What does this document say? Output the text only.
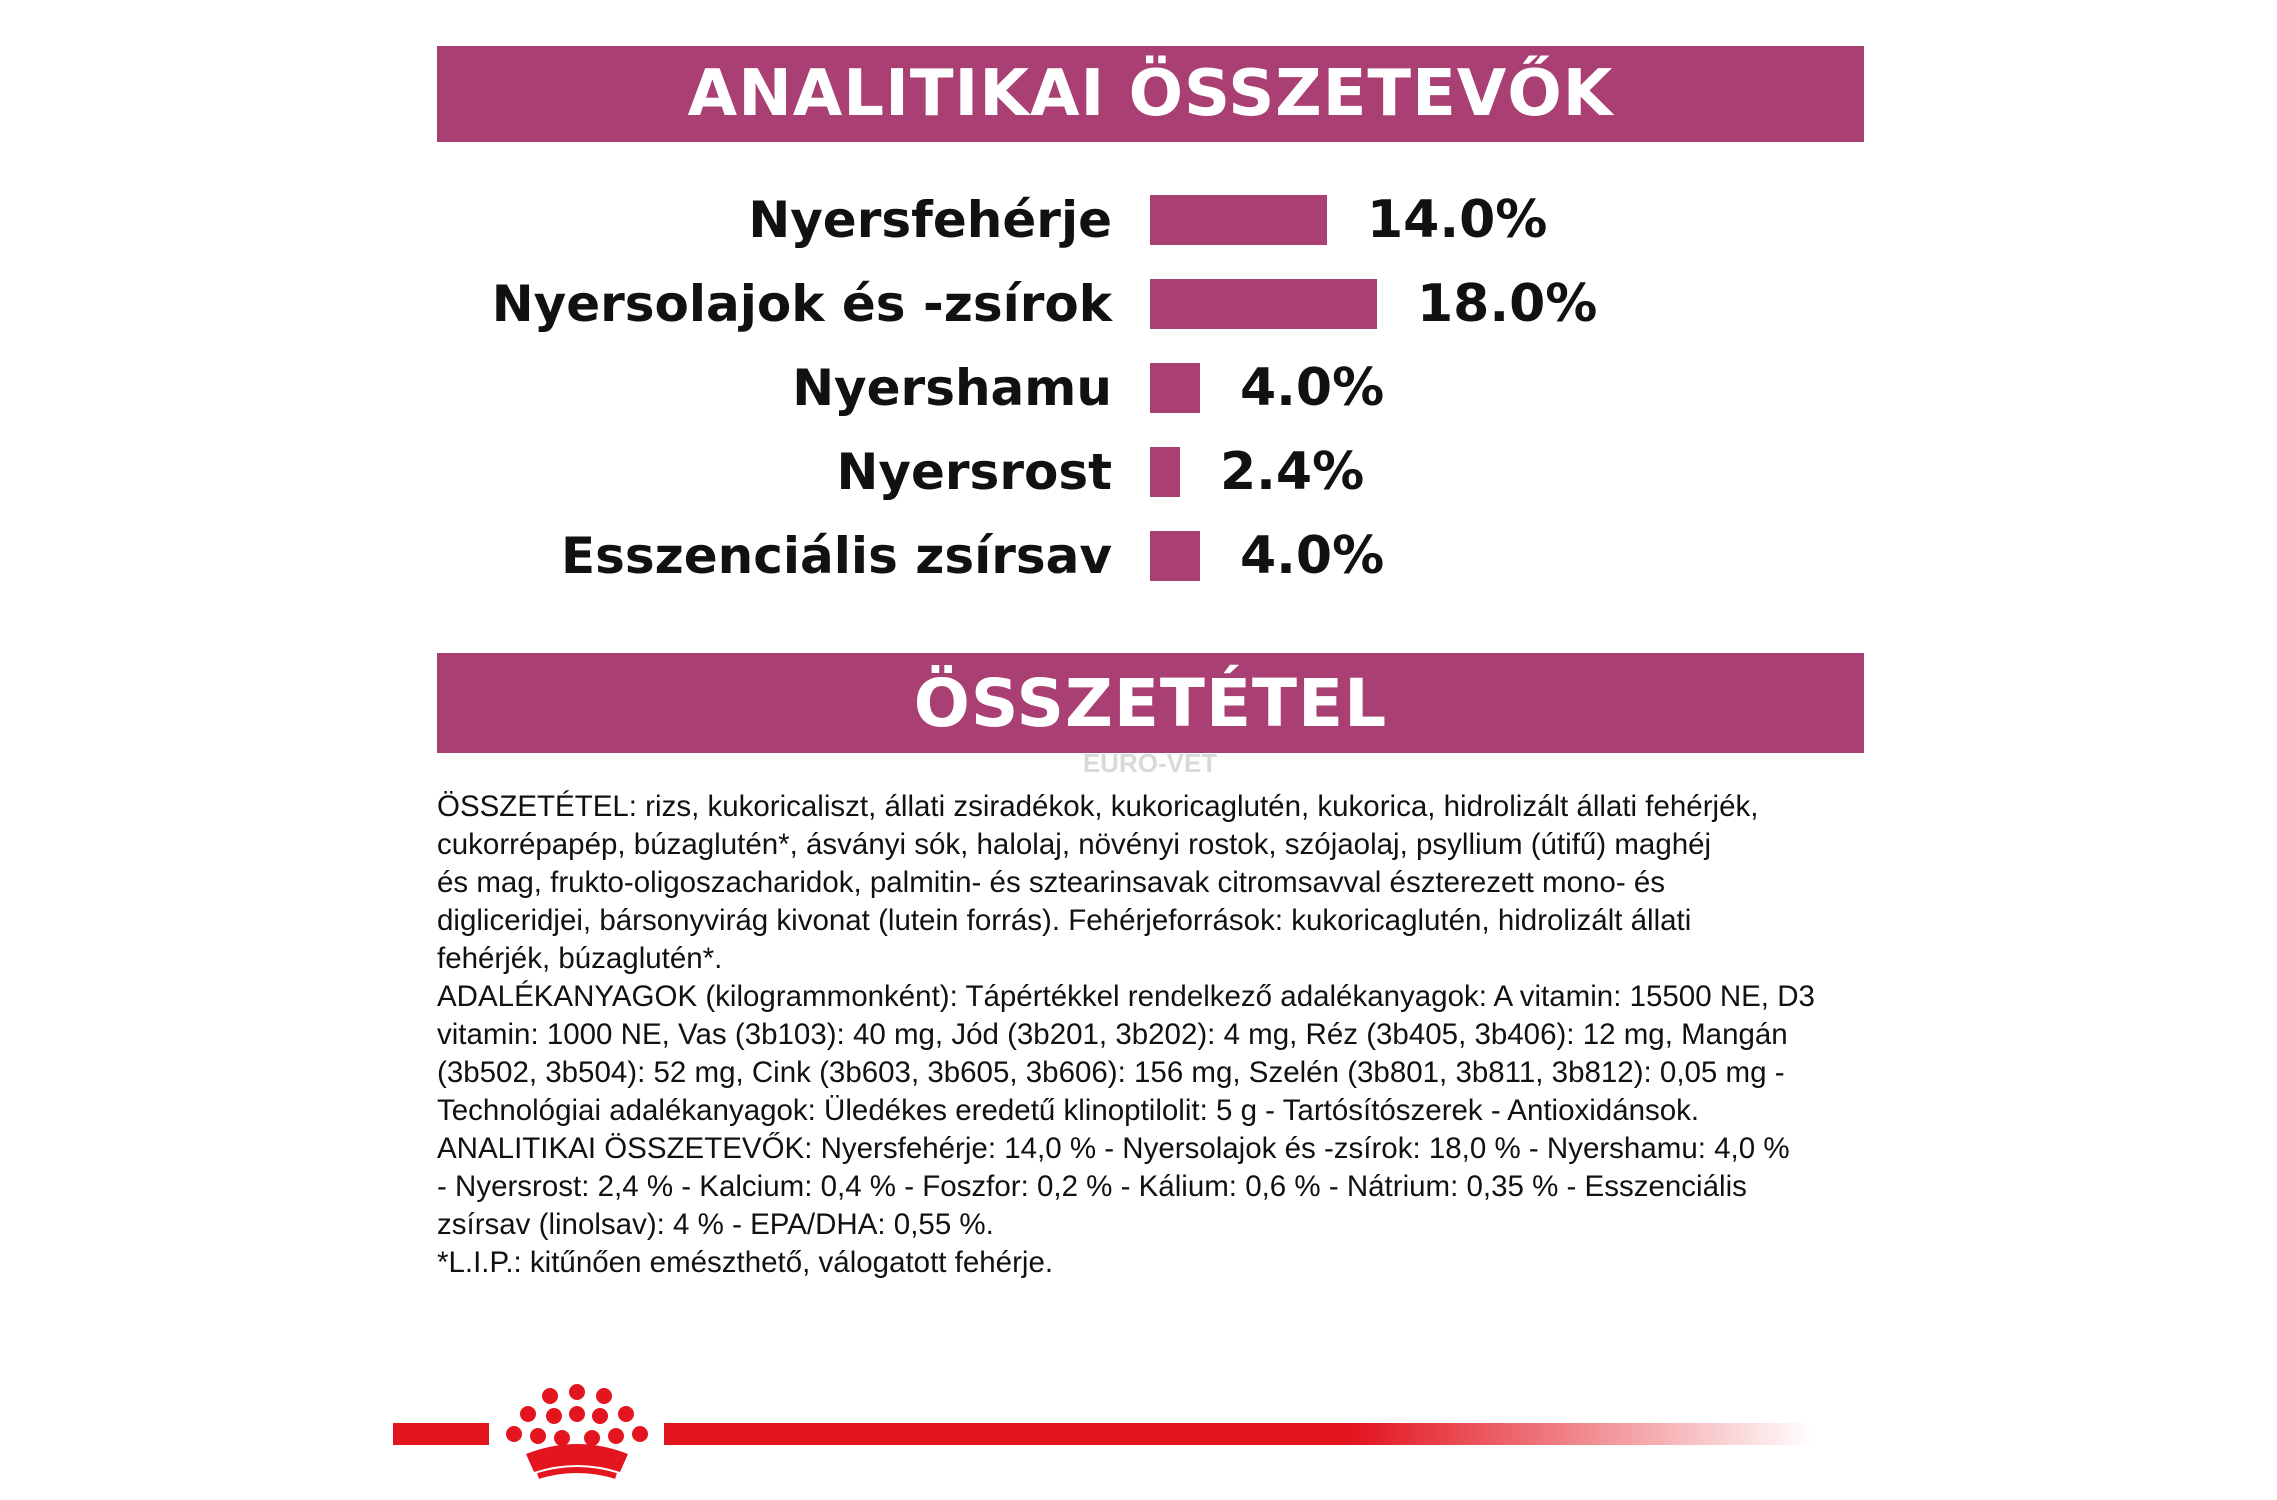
ANALITIKAI ÖSSZETEVŐK
Nyersfehérje	14.0%
Nyersolajok és -zsírok	18.0%
Nyershamu 4.0%
Nyersrost 2.4%
Esszenciális zsírsav 4.0%
ÖSSZETÉTEL
EURO-VET

ÖSSZETÉTEL: rizs, kukoricaliszt, állati zsiradékok, kukoricaglutén, kukorica, hidrolizált állati fehérjék,

cukorrépapép, búzaglutén*, ásványi sók, halolaj, növényi rostok, szójaolaj, psyllium (útifű) maghéj

és mag, frukto-oligoszacharidok, palmitin- és sztearinsavak citromsavval észterezett mono- és

digliceridjei, bársonyvirág kivonat (lutein forrás). Fehérjeforrások: kukoricaglutén, hidrolizált állati

fehérjék, búzaglutén*.

ADALÉKANYAGOK (kilogrammonként): Tápértékkel rendelkező adalékanyagok: A vitamin: 15500 NE, D3

vitamin: 1000 NE, Vas (3b103): 40 mg, Jód (3b201, 3b202): 4 mg, Réz (3b405, 3b406): 12 mg, Mangán

(3b502, 3b504): 52 mg, Cink (3b603, 3b605, 3b606): 156 mg, Szelén (3b801, 3b811, 3b812): 0,05 mg -

Technológiai adalékanyagok: Üledékes eredetű klinoptilolit: 5 g - Tartósítószerek - Antioxidánsok.

ANALITIKAI ÖSSZETEVŐK: Nyersfehérje: 14,0 % - Nyersolajok és -zsírok: 18,0 % - Nyershamu: 4,0 %

- Nyersrost: 2,4 % - Kalcium: 0,4 % - Foszfor: 0,2 % - Kálium: 0,6 % - Nátrium: 0,35 % - Esszenciális

zsírsav (linolsav): 4 % - EPA/DHA: 0,55 %.

*L.I.P.: kitűnően emészthető, válogatott fehérje.
